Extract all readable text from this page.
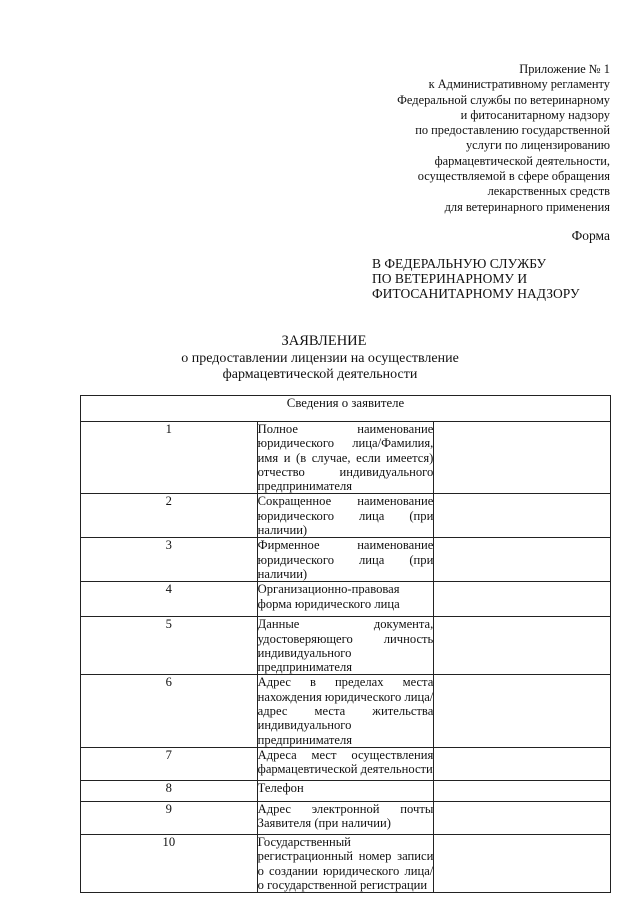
Приложение № 1
к Административному регламенту
Федеральной службы по ветеринарному
и фитосанитарному надзору
по предоставлению государственной
услуги по лицензированию
фармацевтической деятельности,
осуществляемой в сфере обращения
лекарственных средств
для ветеринарного применения
Форма
В ФЕДЕРАЛЬНУЮ СЛУЖБУ
ПО ВЕТЕРИНАРНОМУ И
ФИТОСАНИТАРНОМУ НАДЗОРУ
ЗАЯВЛЕНИЕ
о предоставлении лицензии на осуществление
фармацевтической деятельности
Сведения о заявителе		
1	Полное наименование юридического лица/Фамилия, имя и (в случае, если имеется) отчество индивидуального предпринимателя	
2	Сокращенное наименование юридического лица (при наличии)	
3	Фирменное наименование юридического лица (при наличии)	
4	Организационно-правовая форма юридического лица	
5	Данные документа, удостоверяющего личность индивидуального предпринимателя	
6	Адрес в пределах места нахождения юридического лица/адрес места жительства индивидуального предпринимателя	
7	Адреса мест осуществления фармацевтической деятельности	
8	Телефон	
9	Адрес электронной почты Заявителя (при наличии)	
10	Государственный регистрационный номер записи о создании юридического лица/о государственной регистрации	
